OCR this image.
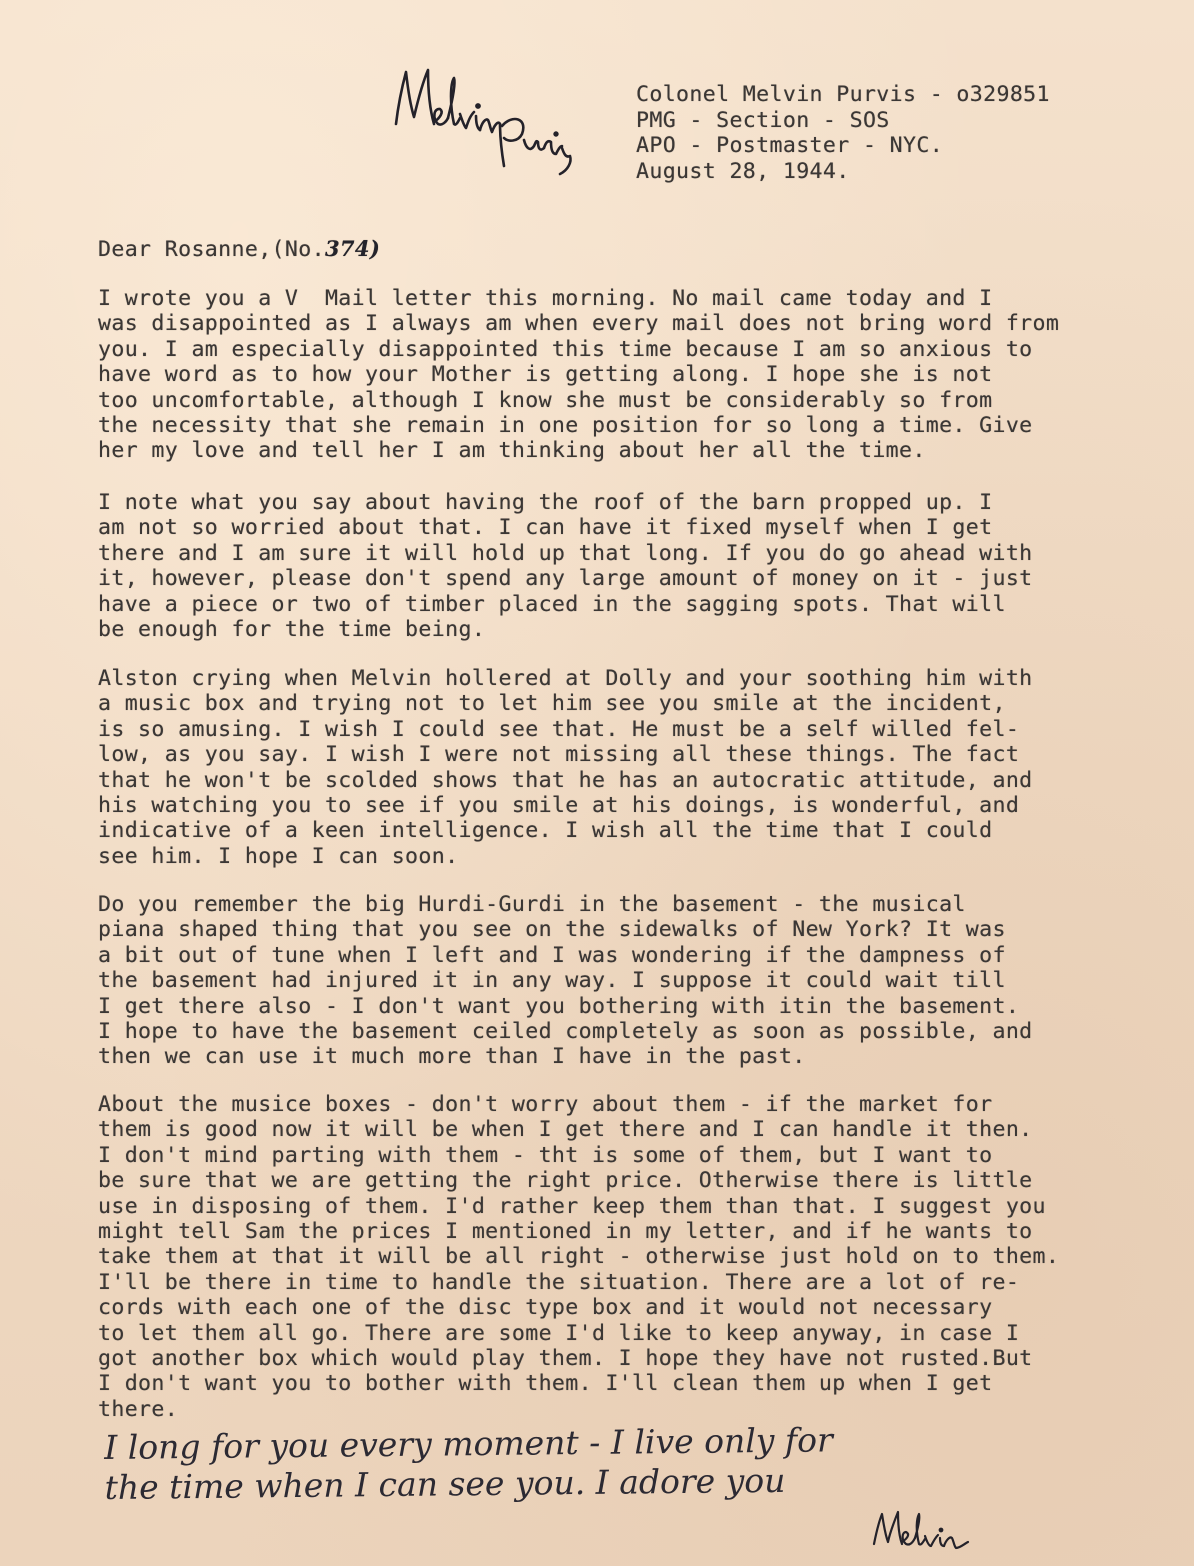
Colonel Melvin Purvis - o329851
PMG - Section - SOS
APO - Postmaster - NYC.
August 28, 1944.
Dear Rosanne,(No.374)
I wrote you a V  Mail letter this morning. No mail came today and I
was disappointed as I always am when every mail does not bring word from
you. I am especially disappointed this time because I am so anxious to
have word as to how your Mother is getting along. I hope she is not
too uncomfortable, although I know she must be considerably so from
the necessity that she remain in one position for so long a time. Give
her my love and tell her I am thinking about her all the time.
I note what you say about having the roof of the barn propped up. I
am not so worried about that. I can have it fixed myself when I get
there and I am sure it will hold up that long. If you do go ahead with
it, however, please don't spend any large amount of money on it - just
have a piece or two of timber placed in the sagging spots. That will
be enough for the time being.
Alston crying when Melvin hollered at Dolly and your soothing him with
a music box and trying not to let him see you smile at the incident,
is so amusing. I wish I could see that. He must be a self willed fel-
low, as you say. I wish I were not missing all these things. The fact
that he won't be scolded shows that he has an autocratic attitude, and
his watching you to see if you smile at his doings, is wonderful, and
indicative of a keen intelligence. I wish all the time that I could
see him. I hope I can soon.
Do you remember the big Hurdi-Gurdi in the basement - the musical
piana shaped thing that you see on the sidewalks of New York? It was
a bit out of tune when I left and I was wondering if the dampness of
the basement had injured it in any way. I suppose it could wait till
I get there also - I don't want you bothering with itin the basement.
I hope to have the basement ceiled completely as soon as possible, and
then we can use it much more than I have in the past.
About the musice boxes - don't worry about them - if the market for
them is good now it will be when I get there and I can handle it then.
I don't mind parting with them - tht is some of them, but I want to
be sure that we are getting the right price. Otherwise there is little
use in disposing of them. I'd rather keep them than that. I suggest you
might tell Sam the prices I mentioned in my letter, and if he wants to
take them at that it will be all right - otherwise just hold on to them.
I'll be there in time to handle the situation. There are a lot of re-
cords with each one of the disc type box and it would not necessary
to let them all go. There are some I'd like to keep anyway, in case I
got another box which would play them. I hope they have not rusted.But
I don't want you to bother with them. I'll clean them up when I get
there.
I long for you every moment - I live only for
the time when I can see you. I adore you
